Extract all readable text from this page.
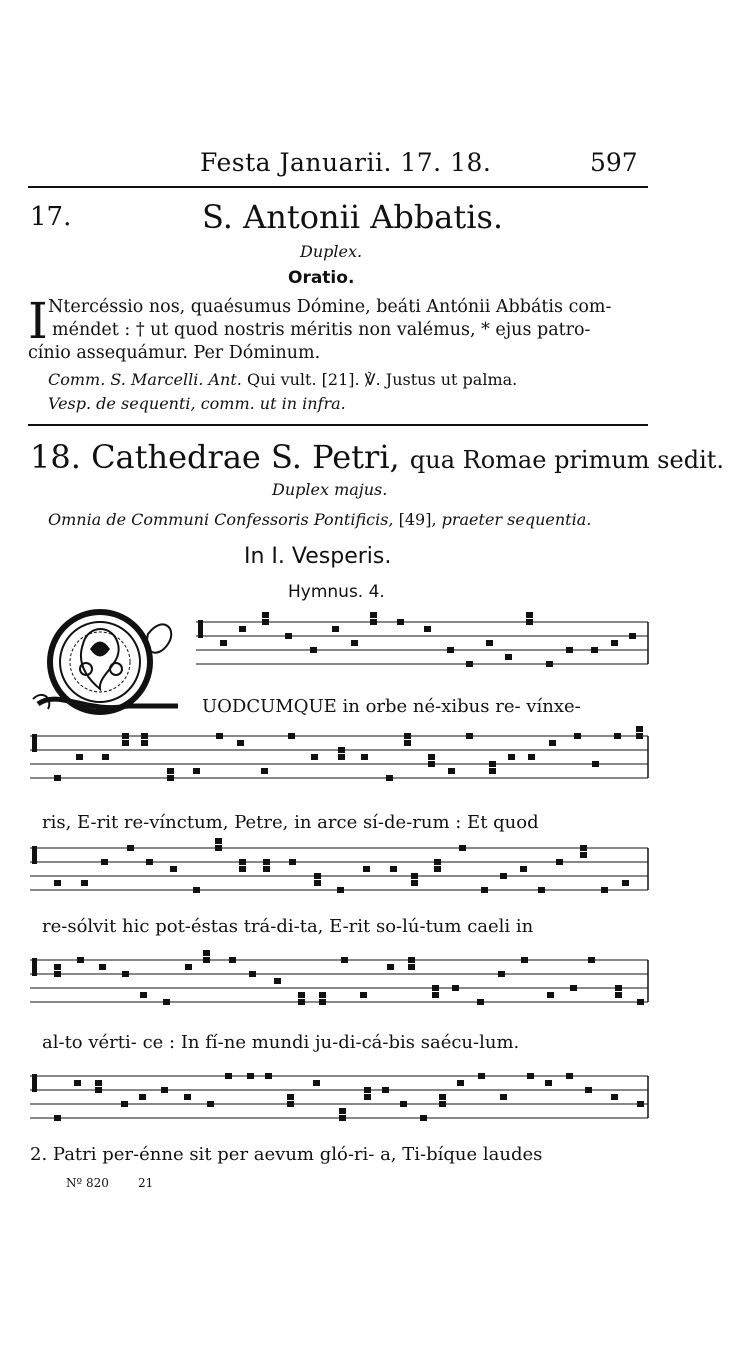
Festa Januarii. 17. 18.	597
17.	S. Antonii Abbatis.
Duplex.
Oratio.
I Ntercéssio nos, quaésumus Dómine, beáti Antónii Abbátis com-
méndet : † ut quod nostris méritis non valémus, * ejus patro-
cínio assequámur. Per Dóminum.
Comm. S. Marcelli. Ant. Qui vult. [21]. ℣. Justus ut palma.
Vesp. de sequenti, comm. ut in infra.
18. Cathedrae S. Petri, qua Romae primum sedit.
Duplex majus.
Omnia de Communi Confessoris Pontificis, [49], praeter sequentia.
In I. Vesperis.
Hymnus. 4.
UODCUMQUE in orbe né-xibus re- vínxe-
ris, E-rit re-vínctum, Petre, in arce sí-de-rum : Et quod
re-sólvit hic pot-éstas trá-di-ta, E-rit so-lú-tum caeli in
al-to vérti- ce : In fí-ne mundi ju-di-cá-bis saécu-lum.
2. Patri per-énne sit per aevum gló-ri- a, Ti-bíque laudes
Nº 820 21
